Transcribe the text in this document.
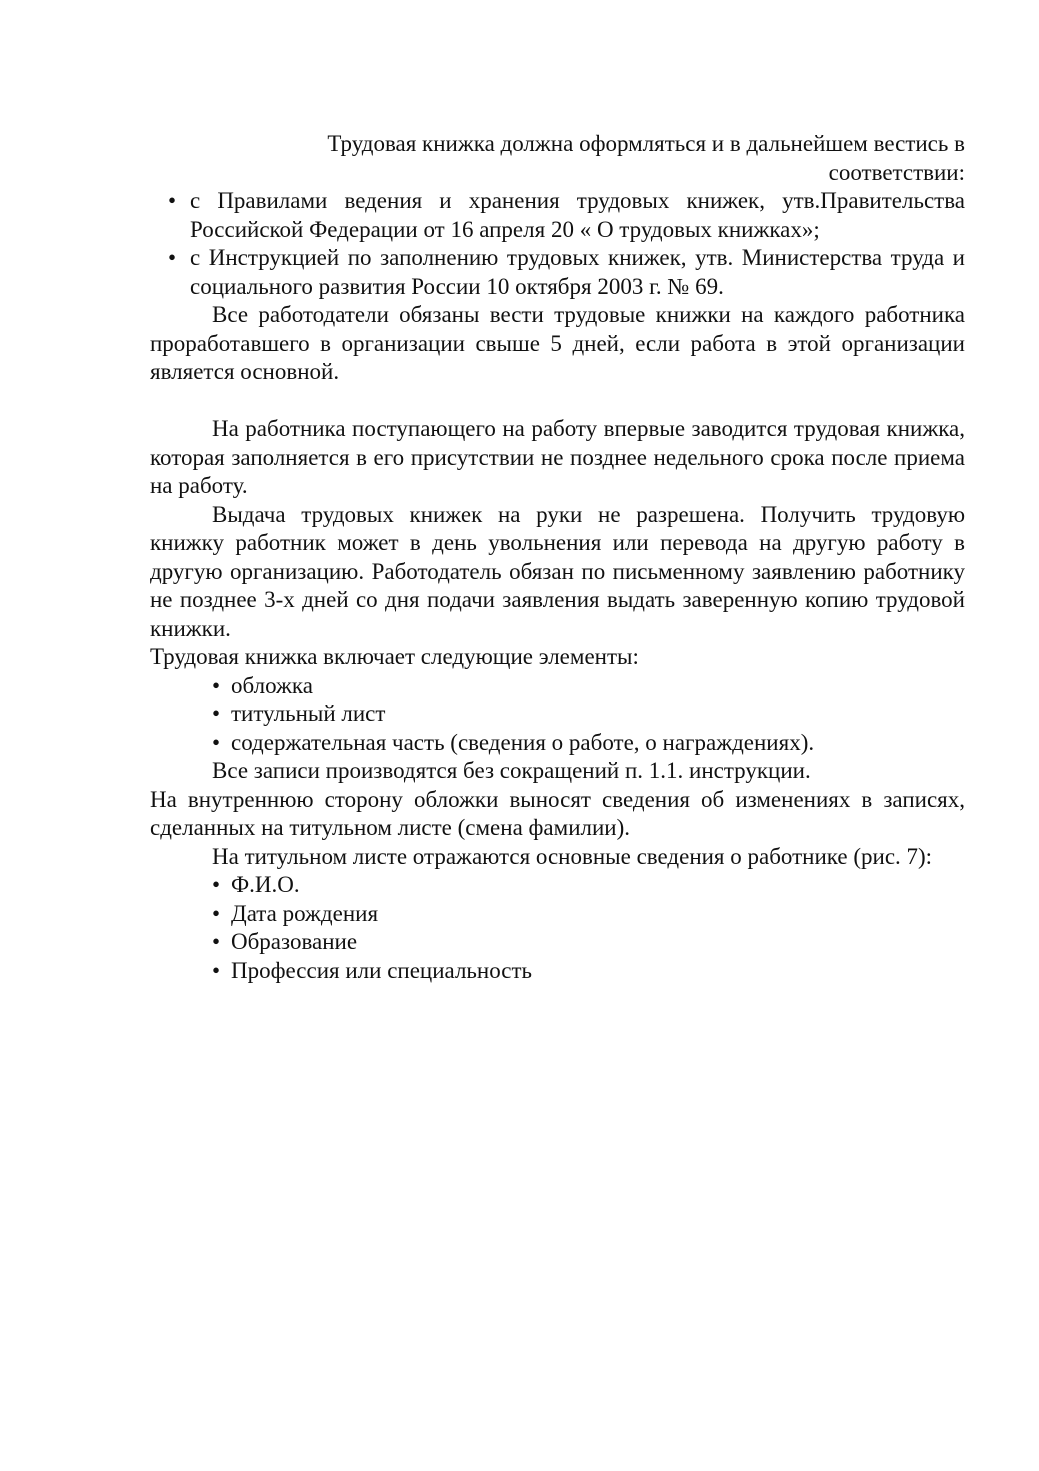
Трудовая книжка должна оформляться и в дальнейшем вестись в

соответствии:

• с Правилами ведения и хранения трудовых книжек, утв.Правительства Российской Федерации от 16 апреля 20 « О трудовых книжках»;
• с Инструкцией по заполнению трудовых книжек, утв. Министерства труда и социального развития России 10 октября 2003 г. № 69.

Все работодатели обязаны вести трудовые книжки на каждого работника проработавшего в организации свыше 5 дней, если работа в этой организации является основной.

На работника поступающего на работу впервые заводится трудовая книжка, которая заполняется в его присутствии не позднее недельного срока после приема на работу.

Выдача трудовых книжек на руки не разрешена. Получить трудовую книжку работник может в день увольнения или перевода на другую работу в другую организацию. Работодатель обязан по письменному заявлению работнику не позднее 3-х дней со дня подачи заявления выдать заверенную копию трудовой книжки.

Трудовая книжка включает следующие элементы:

• обложка
• титульный лист
• содержательная часть (сведения о работе, о награждениях).

Все записи производятся без сокращений п. 1.1. инструкции.

На внутреннюю сторону обложки выносят сведения об изменениях в записях, сделанных на титульном листе (смена фамилии).

На титульном листе отражаются основные сведения о работнике (рис. 7):

• Ф.И.О.
• Дата рождения
• Образование
• Профессия или специальность
